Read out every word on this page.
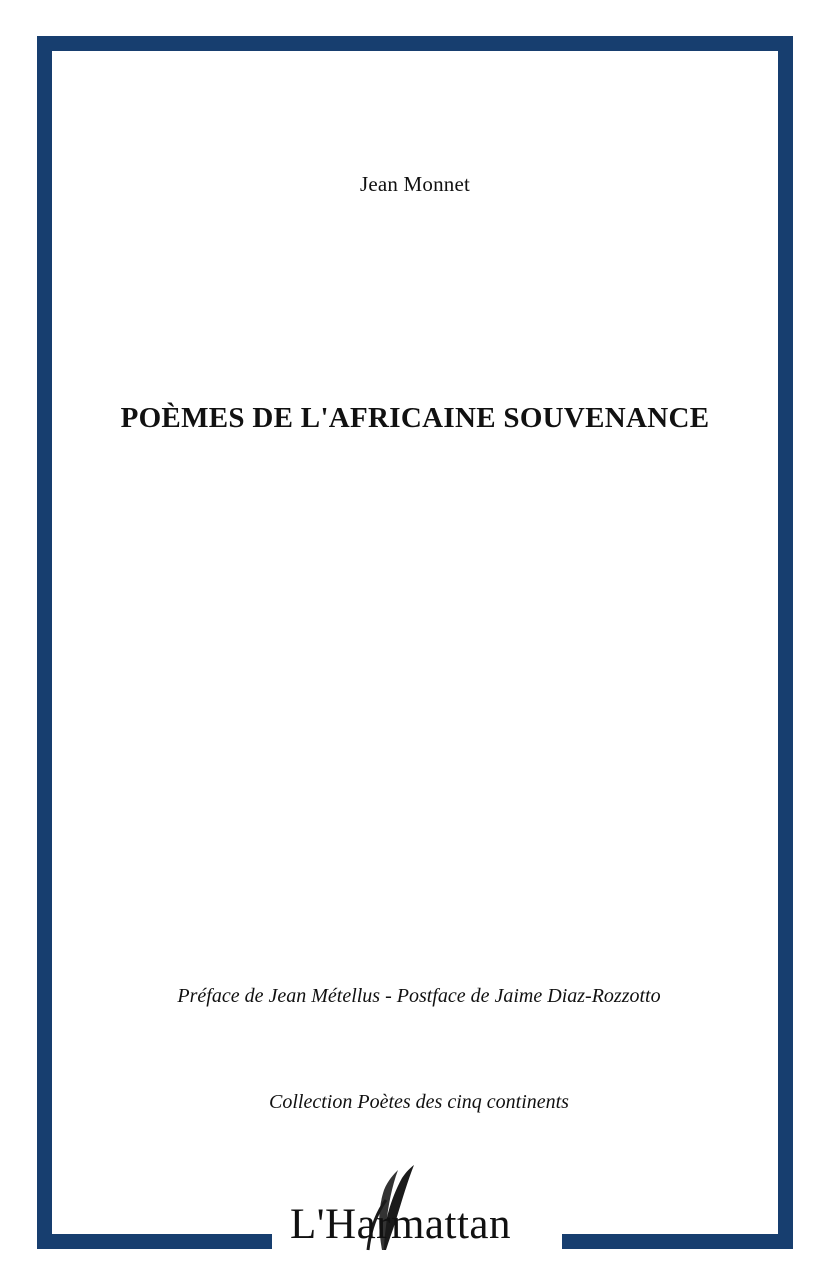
Jean Monnet
POÈMES DE L'AFRICAINE SOUVENANCE
Préface de Jean Métellus - Postface de Jaime Diaz-Rozzotto
Collection Poètes des cinq continents
L'Harmattan
